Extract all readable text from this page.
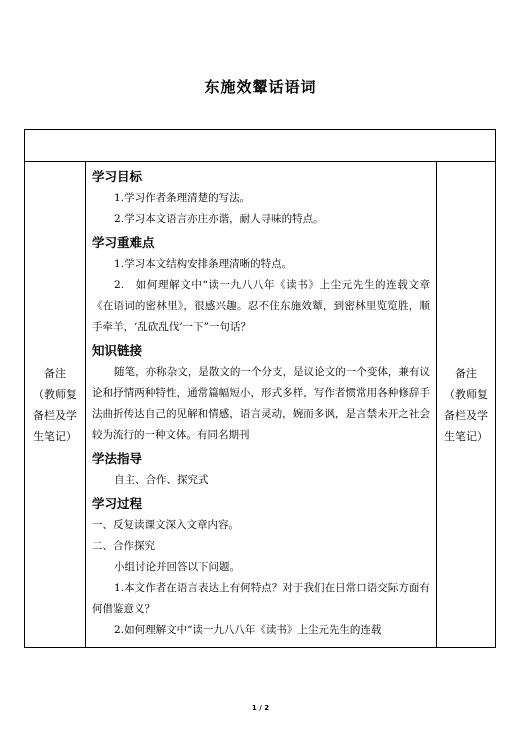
东施效颦话语词
备注
（教师复
备栏及学
生笔记）
备注
（教师复
备栏及学
生笔记）
学习目标

1.学习作者条理清楚的写法。

2.学习本文语言亦庄亦谐，耐人寻味的特点。

学习重难点

1.学习本文结构安排条理清晰的特点。

2.　如何理解文中“读一九八八年《读书》上尘元先生的连载文章《在语词的密林里》，很感兴趣。忍不住东施效颦，到密林里览览胜，顺手牵羊，‘乱砍乱伐’一下”一句话？

知识链接

随笔，亦称杂文，是散文的一个分支，是议论文的一个变体，兼有议论和抒情两种特性，通常篇幅短小，形式多样，写作者惯常用各种修辞手法曲折传达自己的见解和情感，语言灵动，婉而多讽，是言禁未开之社会较为流行的一种文体。有同名期刊

学法指导

自主、合作、探究式

学习过程

一、反复读课文深入文章内容。

二、合作探究

小组讨论并回答以下问题。

1.本文作者在语言表达上有何特点？对于我们在日常口语交际方面有何借鉴意义？

2.如何理解文中“读一九八八年《读书》上尘元先生的连载

1 / 2
